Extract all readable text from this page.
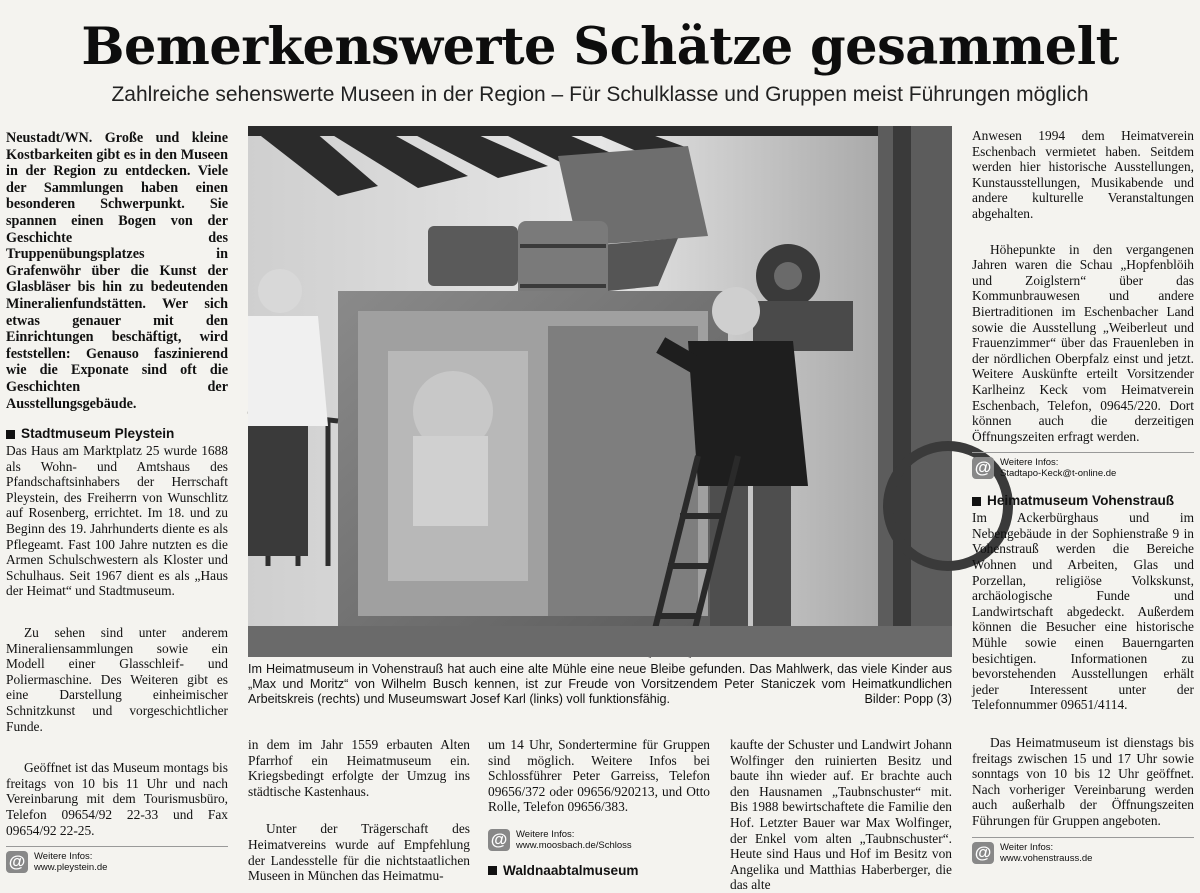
Bemerkenswerte Schätze gesammelt
Zahlreiche sehenswerte Museen in der Region – Für Schulklasse und Gruppen meist Führungen möglich

Neustadt/WN. Große und kleine Kostbarkeiten gibt es in den Museen in der Region zu entdecken. Viele der Sammlungen haben einen besonderen Schwerpunkt. Sie spannen einen Bogen von der Geschichte des Truppenübungsplatzes in Grafenwöhr über die Kunst der Glasbläser bis hin zu bedeutenden Mineralienfundstätten. Wer sich etwas genauer mit den Einrichtungen beschäftigt, wird feststellen: Genauso faszinierend wie die Exponate sind oft die Geschichten der Ausstellungsgebäude.

Stadtmuseum Pleystein

Das Haus am Marktplatz 25 wurde 1688 als Wohn- und Amtshaus des Pfandschaftsinhabers der Herrschaft Pleystein, des Freiherrn von Wunschlitz auf Rosenberg, errichtet. Im 18. und zu Beginn des 19. Jahrhunderts diente es als Pflegeamt. Fast 100 Jahre nutzten es die Armen Schulschwestern als Kloster und Schulhaus. Seit 1967 dient es als „Haus der Heimat“ und Stadtmuseum.

Zu sehen sind unter anderem Mineraliensammlungen sowie ein Modell einer Glasschleif- und Poliermaschine. Des Weiteren gibt es eine Darstellung einheimischer Schnitzkunst und vorgeschichtlicher Funde.

Geöffnet ist das Museum montags bis freitags von 10 bis 11 Uhr und nach Vereinbarung mit dem Tourismusbüro, Telefon 09654/92 22-33 und Fax 09654/92 22-25.

@ Weitere Infos:
www.pleystein.de
Im Heimatmuseum in Vohenstrauß hat auch eine alte Mühle eine neue Bleibe gefunden. Das Mahlwerk, das viele Kinder aus „Max und Moritz“ von Wilhelm Busch kennen, ist zur Freude von Vorsitzendem Peter Staniczek vom Heimatkundlichen Arbeitskreis (rechts) und Museumswart Josef Karl (links) voll funktionsfähig.	Bilder: Popp (3)

in dem im Jahr 1559 erbauten Alten Pfarrhof ein Heimatmuseum ein. Kriegsbedingt erfolgte der Umzug ins städtische Kastenhaus.

Unter der Trägerschaft des Heimatvereins wurde auf Empfehlung der Landesstelle für die nichtstaatlichen Museen in München das Heimatmu-

um 14 Uhr, Sondertermine für Gruppen sind möglich. Weitere Infos bei Schlossführer Peter Garreiss, Telefon 09656/372 oder 09656/920213, und Otto Rolle, Telefon 09656/383.

@ Weitere Infos:
www.moosbach.de/Schloss
Waldnaabtalmuseum

kaufte der Schuster und Landwirt Johann Wolfinger den ruinierten Besitz und baute ihn wieder auf. Er brachte auch den Hausnamen „Taubnschuster“ mit. Bis 1988 bewirtschaftete die Familie den Hof. Letzter Bauer war Max Wolfinger, der Enkel vom alten „Taubnschuster“. Heute sind Haus und Hof im Besitz von Angelika und Matthias Haberberger, die das alte

Anwesen 1994 dem Heimatverein Eschenbach vermietet haben. Seitdem werden hier historische Ausstellungen, Kunstausstellungen, Musikabende und andere kulturelle Veranstaltungen abgehalten.

Höhepunkte in den vergangenen Jahren waren die Schau „Hopfenblöih und Zoiglstern“ über das Kommunbrauwesen und andere Biertraditionen im Eschenbacher Land sowie die Ausstellung „Weiberleut und Frauenzimmer“ über das Frauenleben in der nördlichen Oberpfalz einst und jetzt. Weitere Auskünfte erteilt Vorsitzender Karlheinz Keck vom Heimatverein Eschenbach, Telefon, 09645/220. Dort können auch die derzeitigen Öffnungszeiten erfragt werden.

@ Weitere Infos:
Stadtapo-Keck@t-online.de
Heimatmuseum Vohenstrauß

Im Ackerbürghaus und im Nebengebäude in der Sophienstraße 9 in Vohenstrauß werden die Bereiche Wohnen und Arbeiten, Glas und Porzellan, religiöse Volkskunst, archäologische Funde und Landwirtschaft abgedeckt. Außerdem können die Besucher eine historische Mühle sowie einen Bauerngarten besichtigen. Informationen zu bevorstehenden Ausstellungen erhält jeder Interessent unter der Telefonnummer 09651/4114.

Das Heimatmuseum ist dienstags bis freitags zwischen 15 und 17 Uhr sowie sonntags von 10 bis 12 Uhr geöffnet. Nach vorheriger Vereinbarung werden auch außerhalb der Öffnungszeiten Führungen für Gruppen angeboten.

@ Weiter Infos:
www.vohenstrauss.de
